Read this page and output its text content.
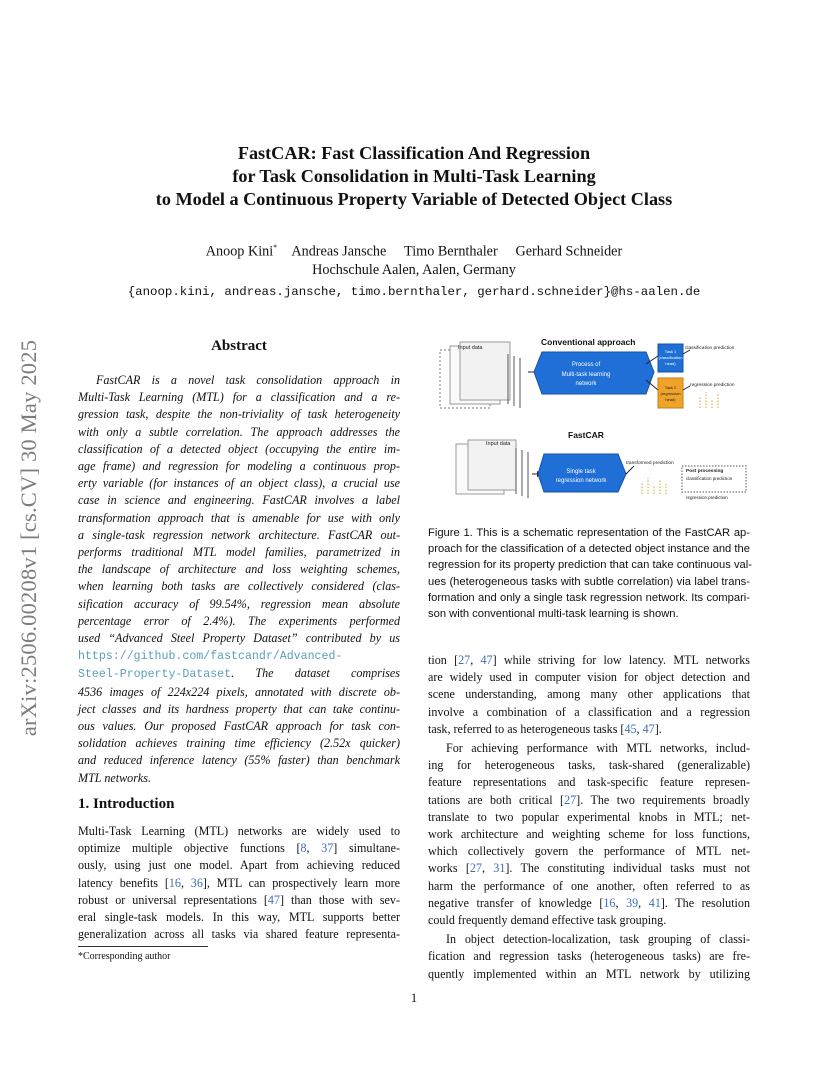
arXiv:2506.00208v1 [cs.CV] 30 May 2025
FastCAR: Fast Classification And Regression
for Task Consolidation in Multi-Task Learning
to Model a Continuous Property Variable of Detected Object Class
Anoop Kini* Andreas Jansche Timo Bernthaler Gerhard Schneider
Hochschule Aalen, Aalen, Germany
{anoop.kini, andreas.jansche, timo.bernthaler, gerhard.schneider}@hs-aalen.de
Abstract
FastCAR is a novel task consolidation approach in
Multi-Task Learning (MTL) for a classification and a re-
gression task, despite the non-triviality of task heterogeneity
with only a subtle correlation. The approach addresses the
classification of a detected object (occupying the entire im-
age frame) and regression for modeling a continuous prop-
erty variable (for instances of an object class), a crucial use
case in science and engineering. FastCAR involves a label
transformation approach that is amenable for use with only
a single-task regression network architecture. FastCAR out-
performs traditional MTL model families, parametrized in
the landscape of architecture and loss weighting schemes,
when learning both tasks are collectively considered (clas-
sification accuracy of 99.54%, regression mean absolute
percentage error of 2.4%). The experiments performed
used “Advanced Steel Property Dataset” contributed by us
https://github.com/fastcandr/Advanced-
Steel-Property-Dataset. The dataset comprises
4536 images of 224x224 pixels, annotated with discrete ob-
ject classes and its hardness property that can take continu-
ous values. Our proposed FastCAR approach for task con-
solidation achieves training time efficiency (2.52x quicker)
and reduced inference latency (55% faster) than benchmark
MTL networks.
1. Introduction
Multi-Task Learning (MTL) networks are widely used to
optimize multiple objective functions [8, 37] simultane-
ously, using just one model. Apart from achieving reduced
latency benefits [16, 36], MTL can prospectively learn more
robust or universal representations [47] than those with sev-
eral single-task models. In this way, MTL supports better
generalization across all tasks via shared feature representa-
*Corresponding author
Input data
Conventional approach
Process of
Multi-task learning
network
Task 1
(classification
head)
Task 2
(regression
head)
classification prediction
regression prediction
FastCAR
Input data
Single task
regression network
transformed prediction
Post processing
classification prediction
regression prediction
Figure 1. This is a schematic representation of the FastCAR ap-
proach for the classification of a detected object instance and the
regression for its property prediction that can take continuous val-
ues (heterogeneous tasks with subtle correlation) via label trans-
formation and only a single task regression network. Its compari-
son with conventional multi-task learning is shown.
tion [27, 47] while striving for low latency. MTL networks
are widely used in computer vision for object detection and
scene understanding, among many other applications that
involve a combination of a classification and a regression
task, referred to as heterogeneous tasks [45, 47].
For achieving performance with MTL networks, includ-
ing for heterogeneous tasks, task-shared (generalizable)
feature representations and task-specific feature represen-
tations are both critical [27]. The two requirements broadly
translate to two popular experimental knobs in MTL; net-
work architecture and weighting scheme for loss functions,
which collectively govern the performance of MTL net-
works [27, 31]. The constituting individual tasks must not
harm the performance of one another, often referred to as
negative transfer of knowledge [16, 39, 41]. The resolution
could frequently demand effective task grouping.
In object detection-localization, task grouping of classi-
fication and regression tasks (heterogeneous tasks) are fre-
quently implemented within an MTL network by utilizing
1
